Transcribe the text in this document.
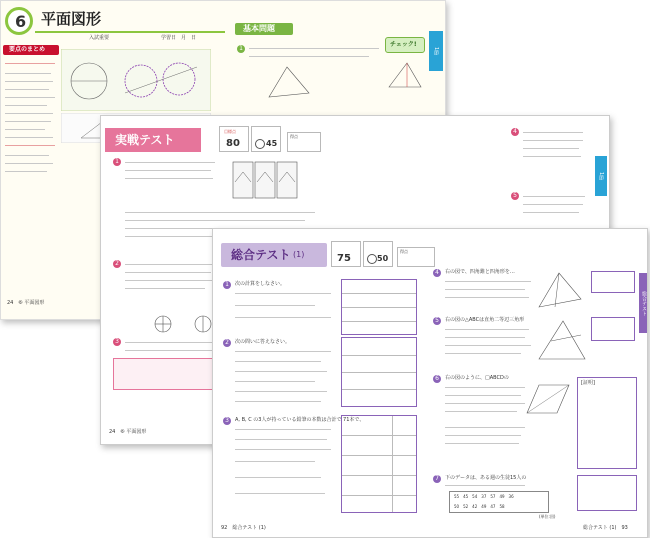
6 平面図形
入試重要	学習日　月　日
要点のまとめ
基本問題
1
チェック!
1節
24　⑥ 平面図形
実戦テスト
目標点
80	45
得点
1
2
3
24　⑥ 平面図形
4
5
1節
総合テスト (1)	75	50
得点
1	次の計算をしなさい。
2	次の問いに答えなさい。
3	A, B, C の3人が持っている鉛筆の本数は合計で 71本で、
92　総合テスト (1)
4	右の図で、四角錐と四角形を…
5	右の図の△ABCは直角二等辺三角形
6	右の図のように、□ABCDの
[証明]
7	下のデータは、ある週の生徒15人の
55　45　54　37　57　49　36
50　52　42　49　47　58
(単位:回)
総合テスト (1)　93
総合テスト
